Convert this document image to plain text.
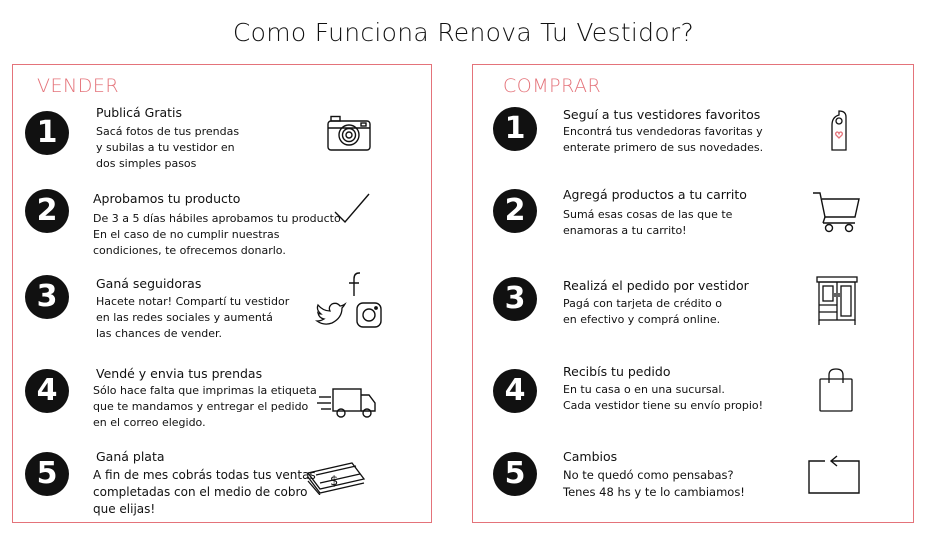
Como Funciona Renova Tu Vestidor?
VENDER
1
Publicá Gratis
Sacá fotos de tus prendas
y subilas a tu vestidor en
dos simples pasos
2	Aprobamos tu producto
De 3 a 5 días hábiles aprobamos tu producto
En el caso de no cumplir nuestras
condiciones, te ofrecemos donarlo.
3	Ganá seguidoras
Hacete notar! Compartí tu vestidor
en las redes sociales y aumentá
las chances de vender.
4	Vendé y envia tus prendas
Sólo hace falta que imprimas la etiqueta
que te mandamos y entregar el pedido
en el correo elegido.
5	Ganá plata
A fin de mes cobrás todas tus ventas
completadas con el medio de cobro
que elijas!
$
COMPRAR
1	Seguí a tus vestidores favoritos
Encontrá tus vendedoras favoritas y
enterate primero de sus novedades.
2	Agregá productos a tu carrito
Sumá esas cosas de las que te
enamoras a tu carrito!
3	Realizá el pedido por vestidor
Pagá con tarjeta de crédito o
en efectivo y comprá online.
4
Recibís tu pedido
En tu casa o en una sucursal.
Cada vestidor tiene su envío propio!
5	Cambios
No te quedó como pensabas?
Tenes 48 hs y te lo cambiamos!
